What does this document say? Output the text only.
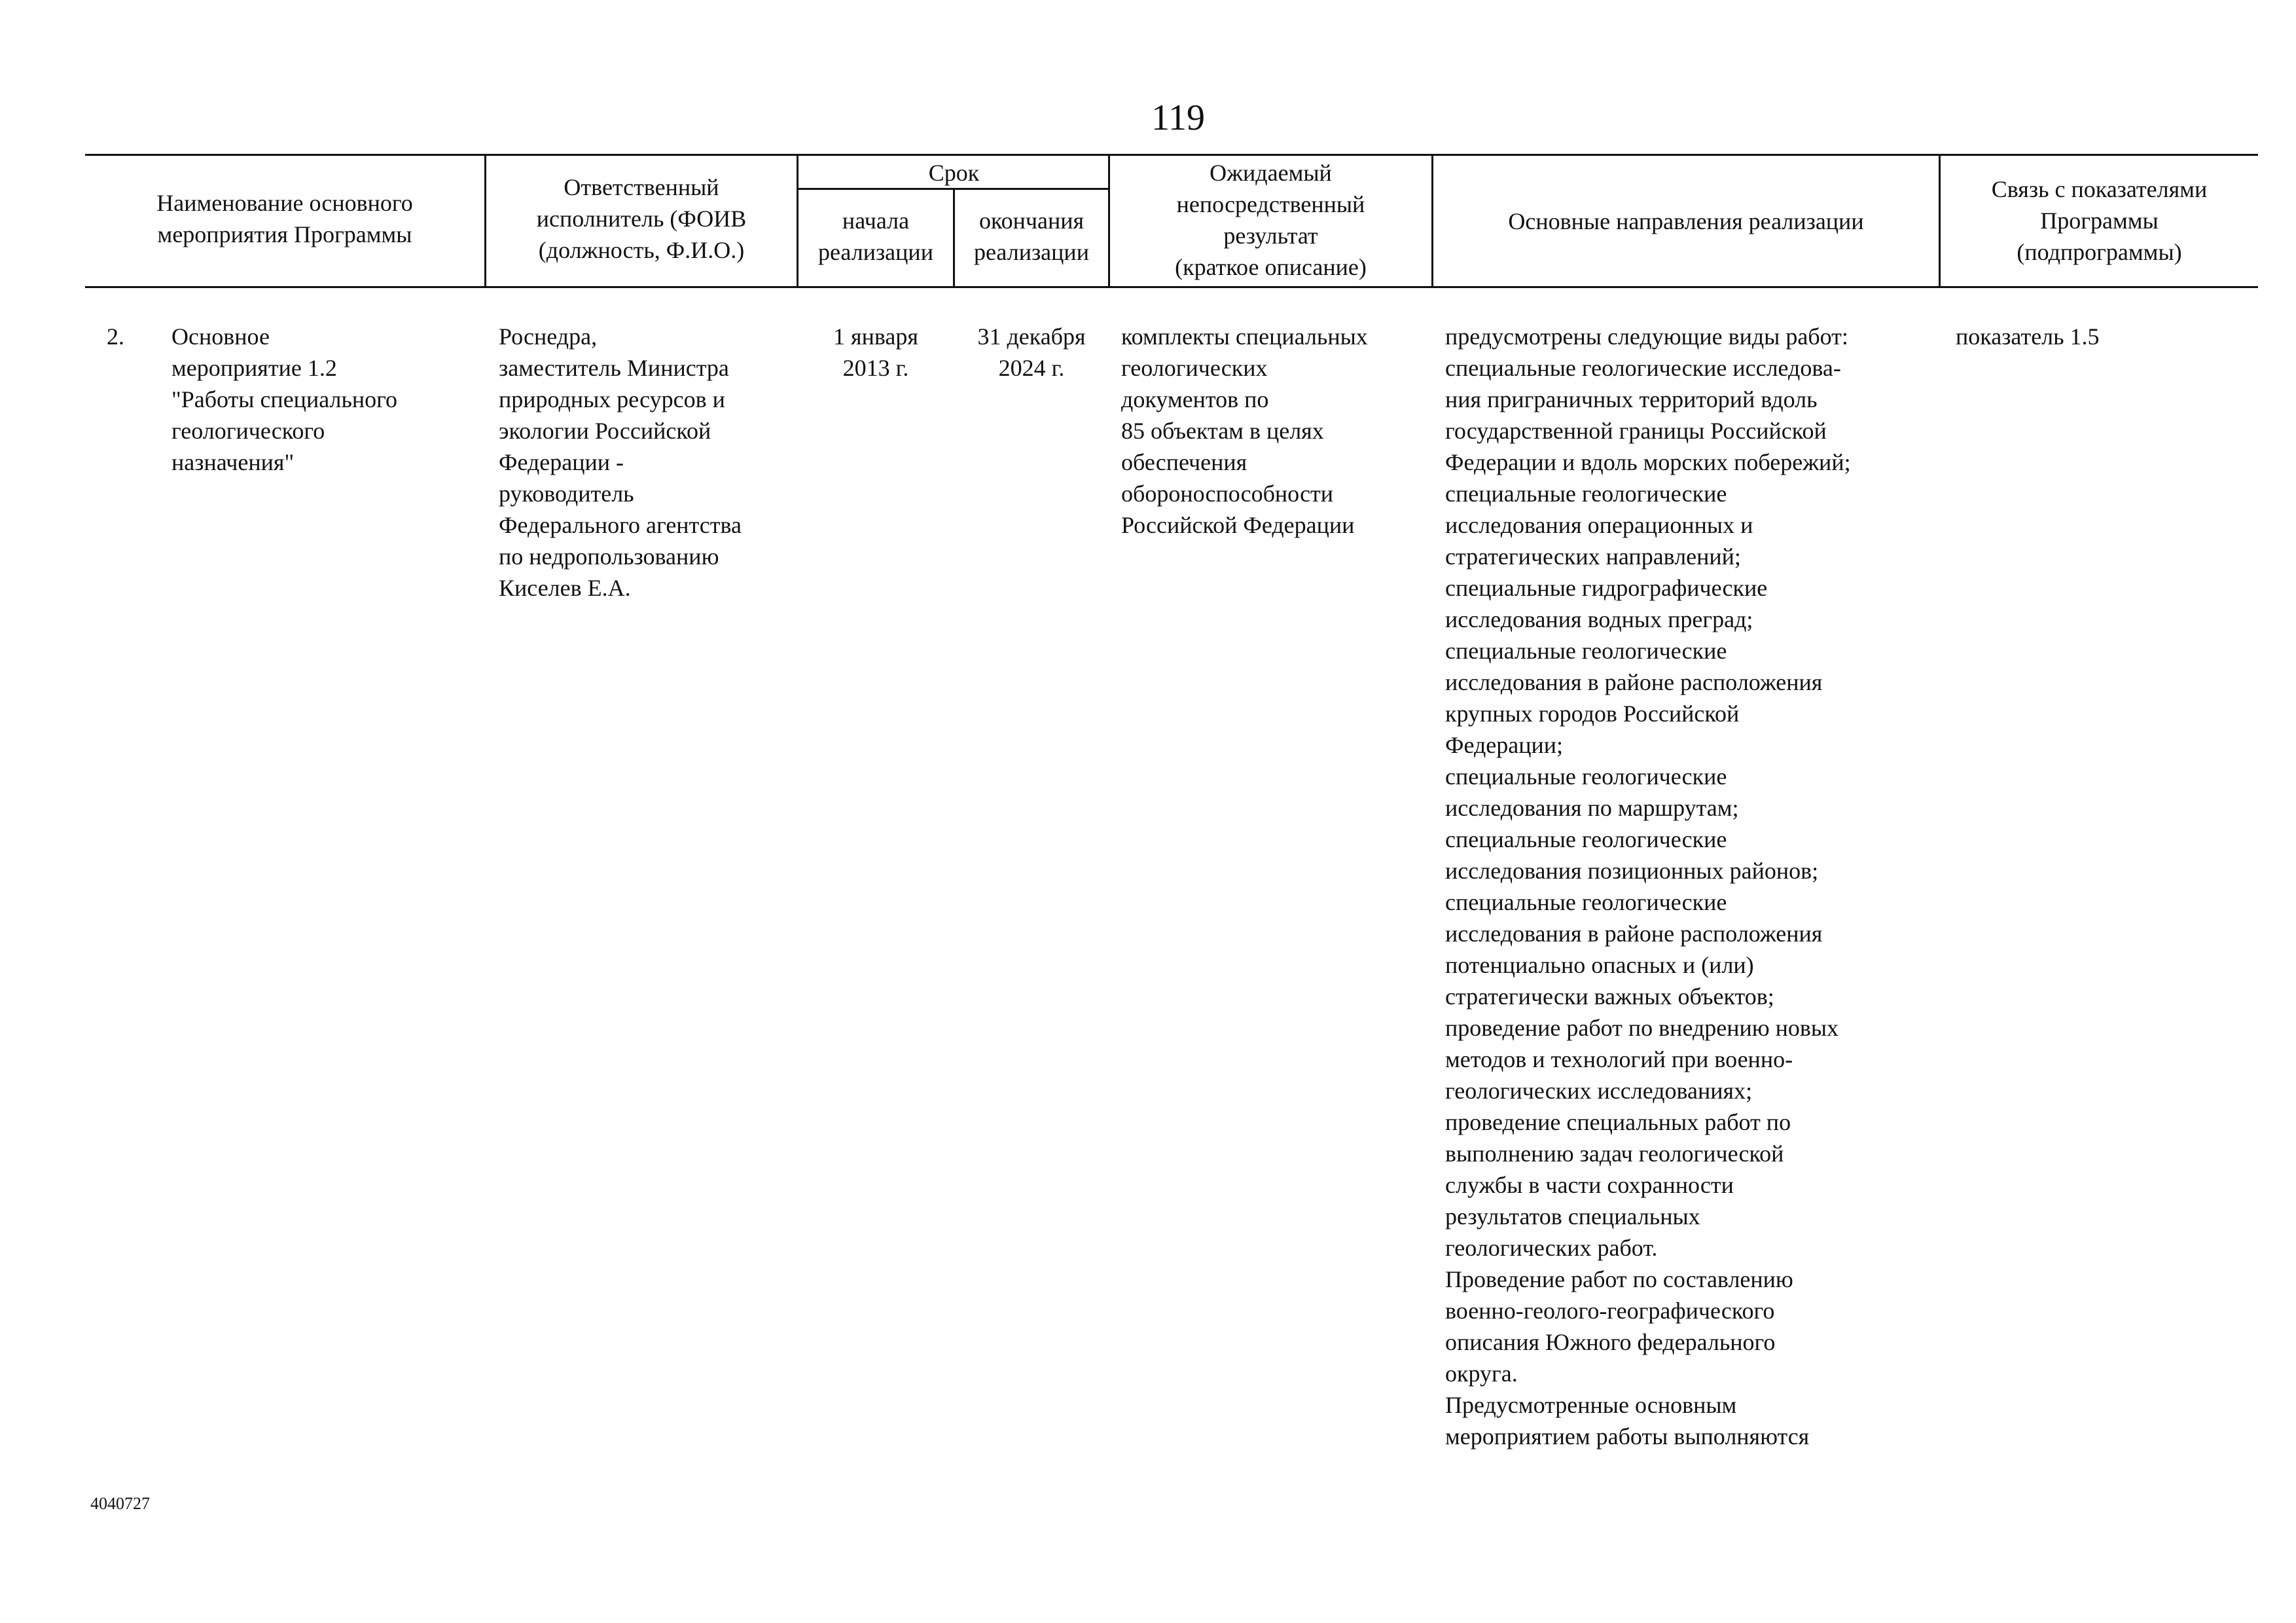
119
Наименование основного
мероприятия Программы
Ответственный
исполнитель (ФОИВ
(должность, Ф.И.О.)
Срок
начала
реализации
окончания
реализации
Ожидаемый
непосредственный
результат
(краткое описание)
Основные направления реализации
Связь с показателями
Программы
(подпрограммы)
2. Основное
мероприятие 1.2
"Работы специального
геологического
назначения"
Роснедра,
заместитель Министра
природных ресурсов и
экологии Российской
Федерации -
руководитель
Федерального агентства
по недропользованию
Киселев Е.А.
1 января
2013 г.
31 декабря
2024 г.
комплекты специальных
геологических
документов по
85 объектам в целях
обеспечения
обороноспособности
Российской Федерации
предусмотрены следующие виды работ:
специальные геологические исследова-
ния приграничных территорий вдоль
государственной границы Российской
Федерации и вдоль морских побережий;
специальные геологические
исследования операционных и
стратегических направлений;
специальные гидрографические
исследования водных преград;
специальные геологические
исследования в районе расположения
крупных городов Российской
Федерации;
специальные геологические
исследования по маршрутам;
специальные геологические
исследования позиционных районов;
специальные геологические
исследования в районе расположения
потенциально опасных и (или)
стратегически важных объектов;
проведение работ по внедрению новых
методов и технологий при военно-
геологических исследованиях;
проведение специальных работ по
выполнению задач геологической
службы в части сохранности
результатов специальных
геологических работ.
Проведение работ по составлению
военно-геолого-географического
описания Южного федерального
округа.
Предусмотренные основным
мероприятием работы выполняются
показатель 1.5
4040727
